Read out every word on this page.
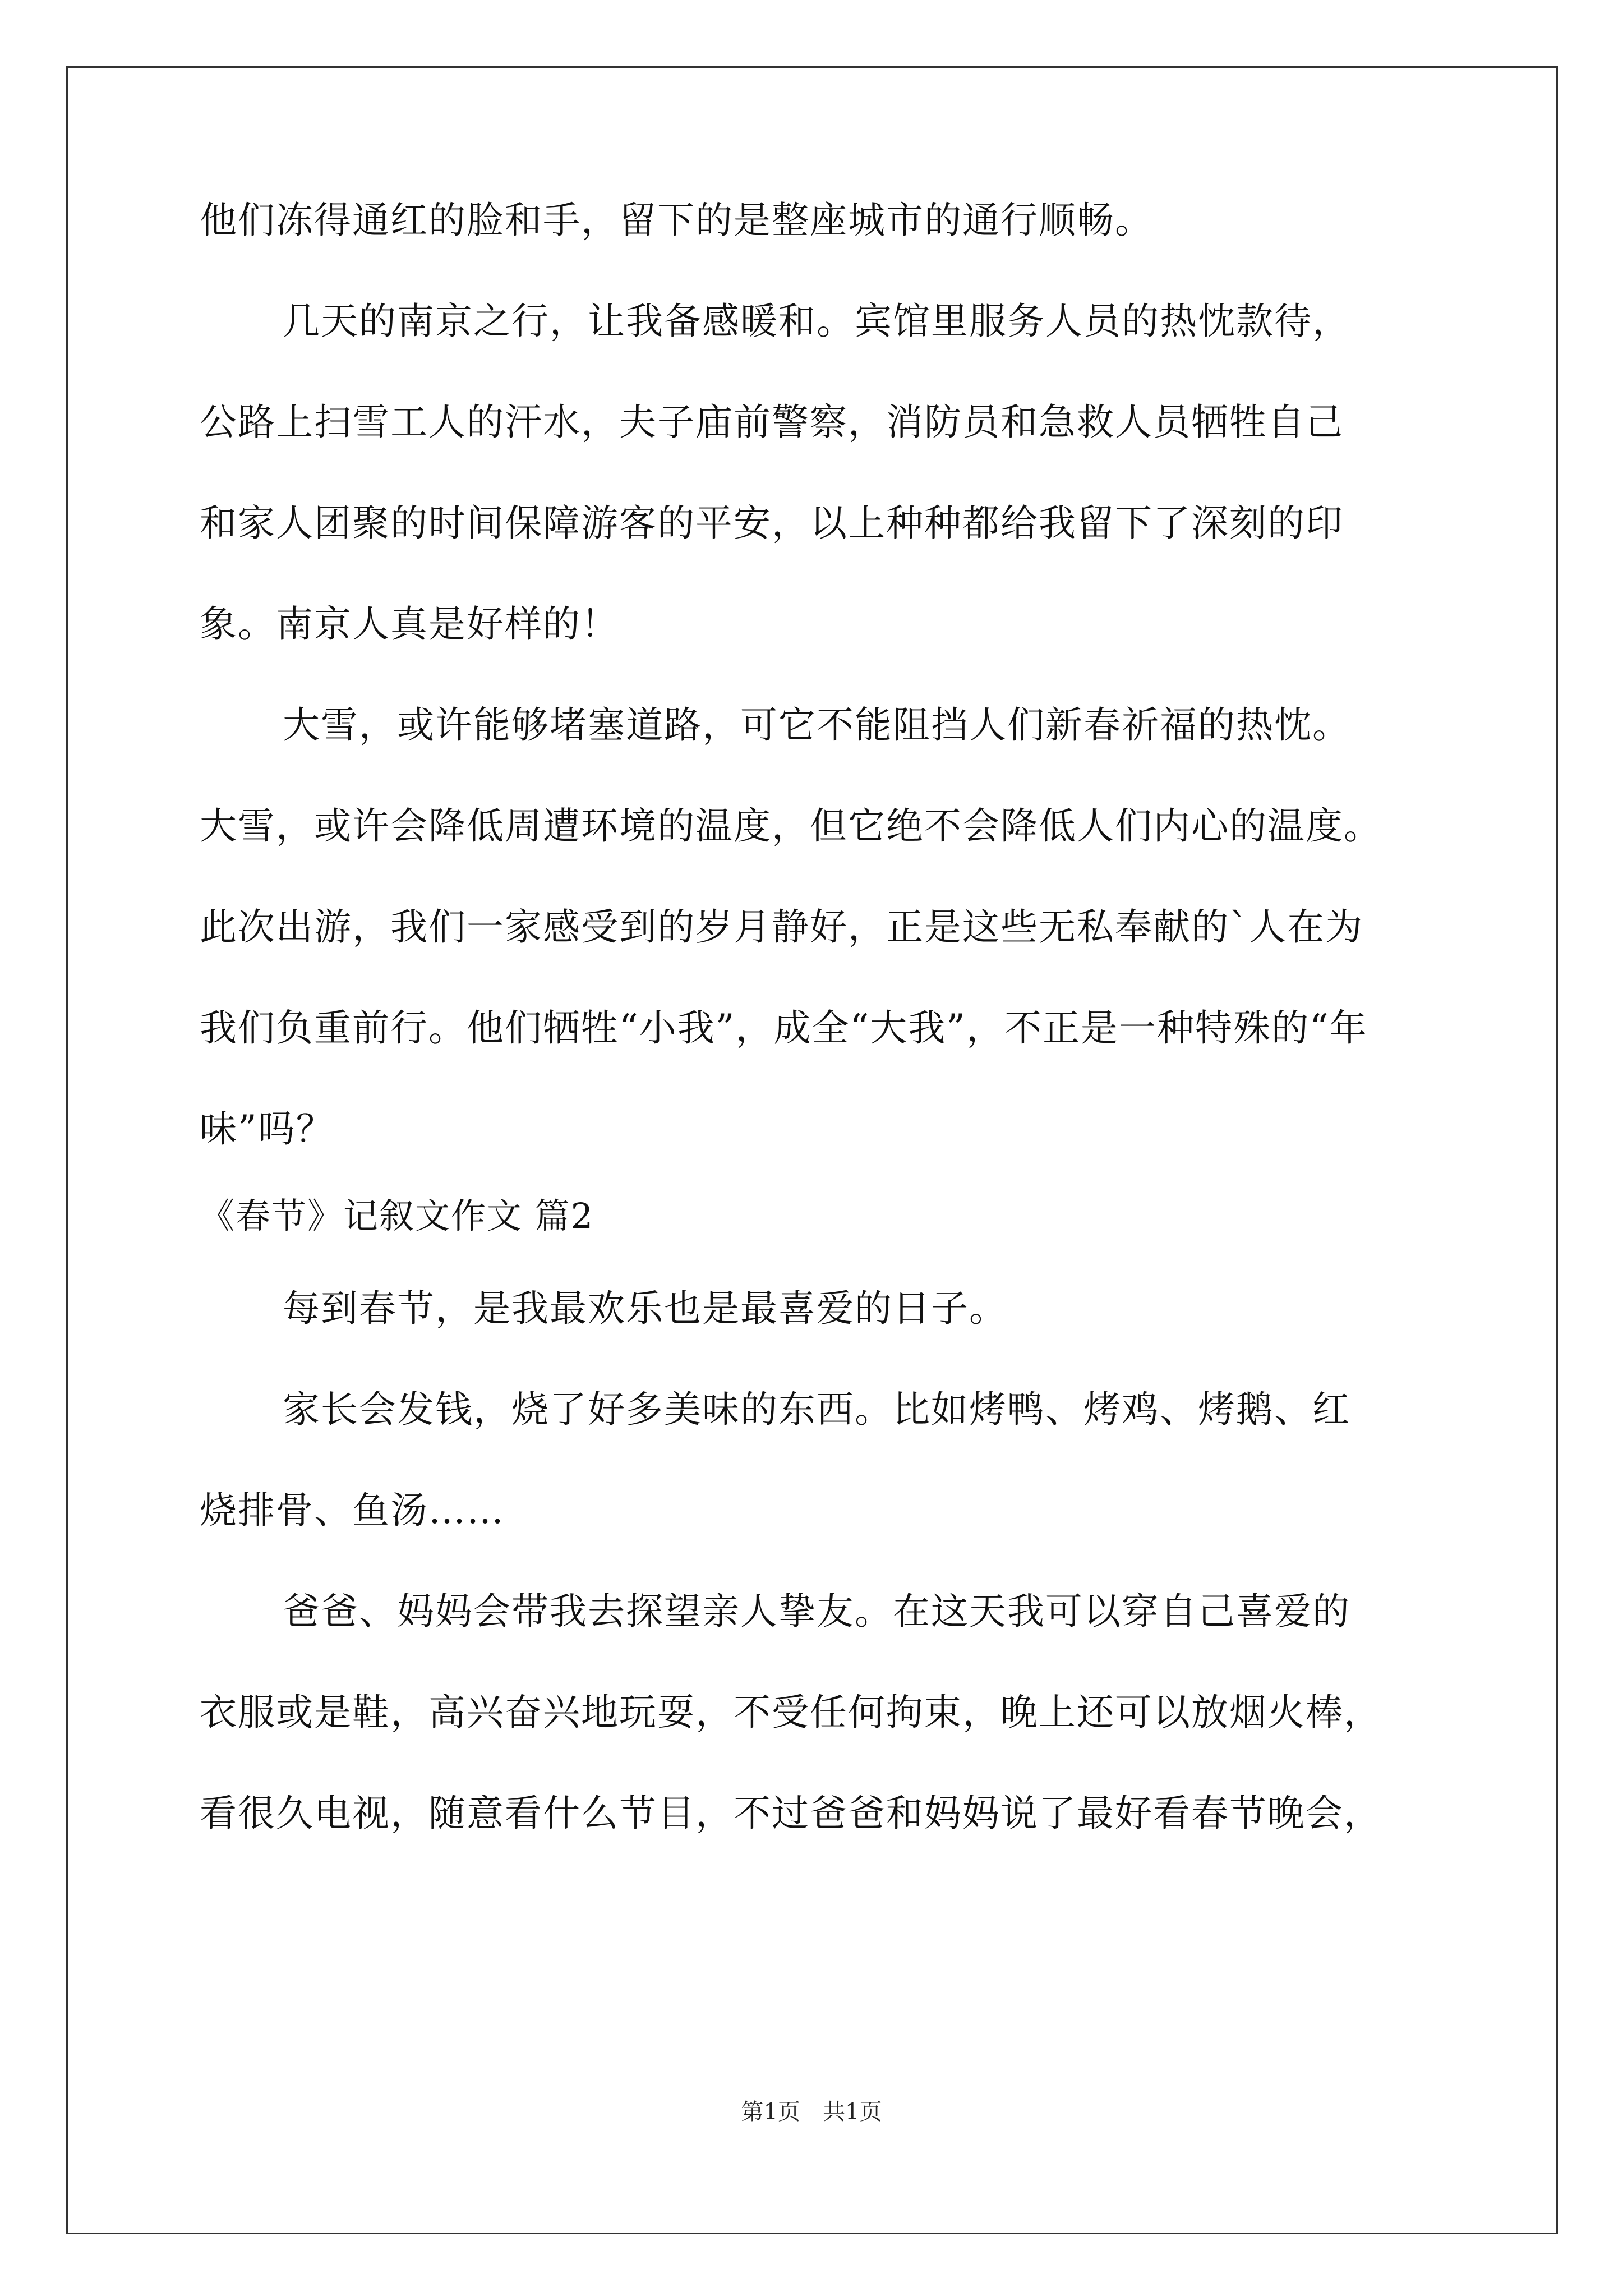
他们冻得通红的脸和手，留下的是整座城市的通行顺畅。
几天的南京之行，让我备感暖和。宾馆里服务人员的热忱款待，
公路上扫雪工人的汗水，夫子庙前警察，消防员和急救人员牺牲自己
和家人团聚的时间保障游客的平安，以上种种都给我留下了深刻的印
象。南京人真是好样的！
大雪，或许能够堵塞道路，可它不能阻挡人们新春祈福的热忱。
大雪，或许会降低周遭环境的温度，但它绝不会降低人们内心的温度。
此次出游，我们一家感受到的岁月静好，正是这些无私奉献的`人在为
我们负重前行。他们牺牲“小我”，成全“大我”，不正是一种特殊的“年
味”吗？
《春节》记叙文作文 篇2
每到春节，是我最欢乐也是最喜爱的日子。
家长会发钱，烧了好多美味的东西。比如烤鸭、烤鸡、烤鹅、红
烧排骨、鱼汤……
爸爸、妈妈会带我去探望亲人挚友。在这天我可以穿自己喜爱的
衣服或是鞋，高兴奋兴地玩耍，不受任何拘束，晚上还可以放烟火棒，
看很久电视，随意看什么节目，不过爸爸和妈妈说了最好看春节晚会，
第1页 共1页
